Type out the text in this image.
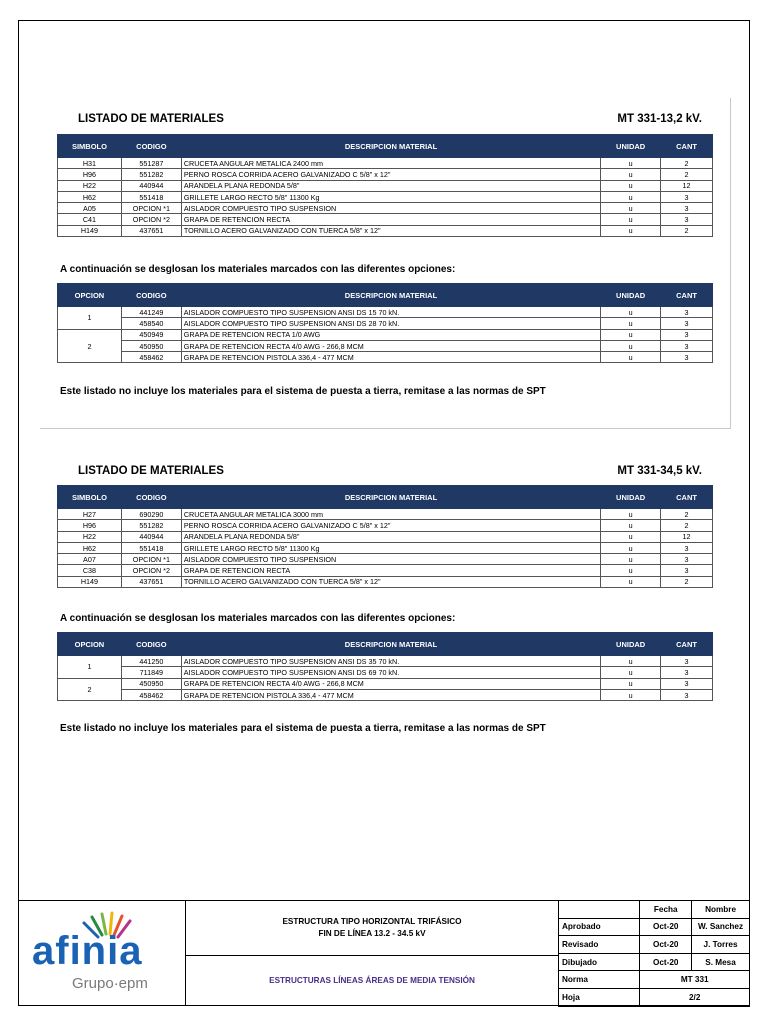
LISTADO DE MATERIALES	MT 331-13,2 kV.
SIMBOLO	CODIGO	DESCRIPCION MATERIAL	UNIDAD	CANT
H31	551287	CRUCETA ANGULAR METALICA 2400 mm	u	2
H96	551282	PERNO ROSCA CORRIDA ACERO GALVANIZADO C 5/8" x 12"	u	2
H22	440944	ARANDELA PLANA REDONDA 5/8"	u	12
H62	551418	GRILLETE LARGO RECTO 5/8" 11300 Kg	u	3
A05	OPCION *1	AISLADOR COMPUESTO TIPO SUSPENSION	u	3
C41	OPCION *2	GRAPA DE RETENCION RECTA	u	3
H149	437651	TORNILLO ACERO GALVANIZADO CON TUERCA 5/8" x 12"	u	2
A continuación se desglosan los materiales marcados con las diferentes opciones:
OPCION	CODIGO	DESCRIPCION MATERIAL	UNIDAD	CANT
1	441249	AISLADOR COMPUESTO TIPO SUSPENSION ANSI DS 15 70 kN.	u	3
	458540	AISLADOR COMPUESTO TIPO SUSPENSION ANSI DS 28 70 kN.	u	3
2	450949	GRAPA DE RETENCION RECTA 1/0 AWG	u	3
	450950	GRAPA DE RETENCION RECTA 4/0 AWG - 266,8 MCM	u	3
	458462	GRAPA DE RETENCION PISTOLA 336,4 - 477 MCM	u	3
Este listado no incluye los materiales para el sistema de puesta a tierra, remitase a las normas de SPT
LISTADO DE MATERIALES	MT 331-34,5 kV.
SIMBOLO	CODIGO	DESCRIPCION MATERIAL	UNIDAD	CANT
H27	690290	CRUCETA ANGULAR METALICA 3000 mm	u	2
H96	551282	PERNO ROSCA CORRIDA ACERO GALVANIZADO C 5/8" x 12"	u	2
H22	440944	ARANDELA PLANA REDONDA 5/8"	u	12
H62	551418	GRILLETE LARGO RECTO 5/8" 11300 Kg	u	3
A07	OPCION *1	AISLADOR COMPUESTO TIPO SUSPENSION	u	3
C38	OPCION *2	GRAPA DE RETENCION RECTA	u	3
H149	437651	TORNILLO ACERO GALVANIZADO CON TUERCA 5/8" x 12"	u	2
A continuación se desglosan los materiales marcados con las diferentes opciones:
OPCION	CODIGO	DESCRIPCION MATERIAL	UNIDAD	CANT
1	441250	AISLADOR COMPUESTO TIPO SUSPENSION ANSI DS 35 70 kN.	u	3
	711849	AISLADOR COMPUESTO TIPO SUSPENSION ANSI DS 69 70 kN.	u	3
2	450950	GRAPA DE RETENCION RECTA 4/0 AWG - 266,8 MCM	u	3
	458462	GRAPA DE RETENCION PISTOLA 336,4 - 477 MCM	u	3
Este listado no incluye los materiales para el sistema de puesta a tierra, remitase a las normas de SPT
afinia
Grupo·epm
ESTRUCTURA TIPO HORIZONTAL TRIFÁSICO
FIN DE LÍNEA 13.2 - 34.5 kV
ESTRUCTURAS LÍNEAS ÁREAS DE MEDIA TENSIÓN
	Fecha	Nombre
Aprobado	Oct-20	W. Sanchez
Revisado	Oct-20	J. Torres
Dibujado	Oct-20	S. Mesa
Norma	MT 331	
Hoja	2/2	
